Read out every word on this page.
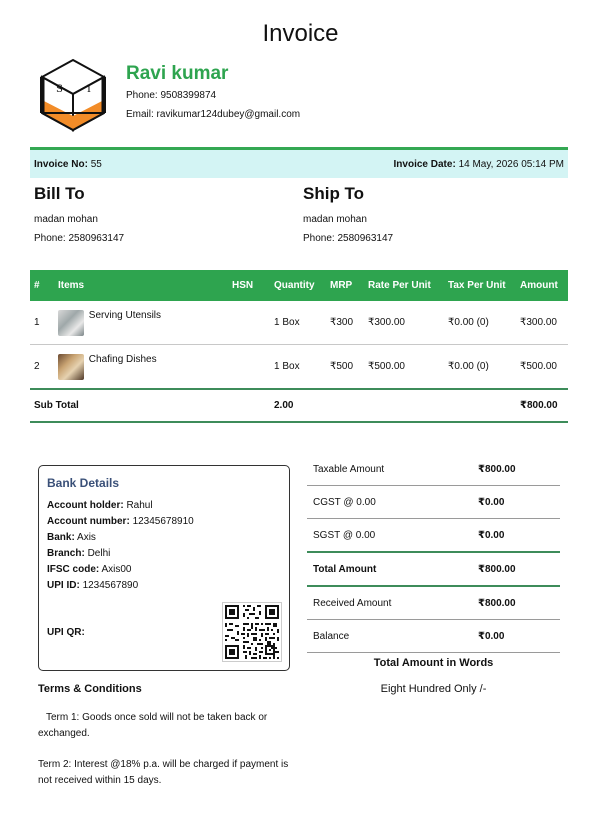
Invoice
S I
Ravi kumar
Phone: 9508399874
Email: ravikumar124dubey@gmail.com
Invoice No: 55	Invoice Date: 14 May, 2026 05:14 PM
Bill To
madan mohan
Phone: 2580963147
Ship To
madan mohan
Phone: 2580963147
#	Items	HSN	Quantity	MRP	Rate Per Unit	Tax Per Unit	Amount
1	Serving Utensils		1 Box	₹300	₹300.00	₹0.00 (0)	₹300.00
2	Chafing Dishes		1 Box	₹500	₹500.00	₹0.00 (0)	₹500.00
Sub Total			2.00				₹800.00
Bank Details
Account holder: Rahul
Account number: 12345678910
Bank: Axis
Branch: Delhi
IFSC code: Axis00
UPI ID: 1234567890
UPI QR:
Terms & Conditions
Term 1: Goods once sold will not be taken back or exchanged.
Term 2: Interest @18% p.a. will be charged if payment is not received within 15 days.
Taxable Amount	₹800.00
CGST @ 0.00	₹0.00
SGST @ 0.00	₹0.00
Total Amount	₹800.00
Received Amount	₹800.00
Balance	₹0.00
Total Amount in Words
Eight Hundred Only /-
